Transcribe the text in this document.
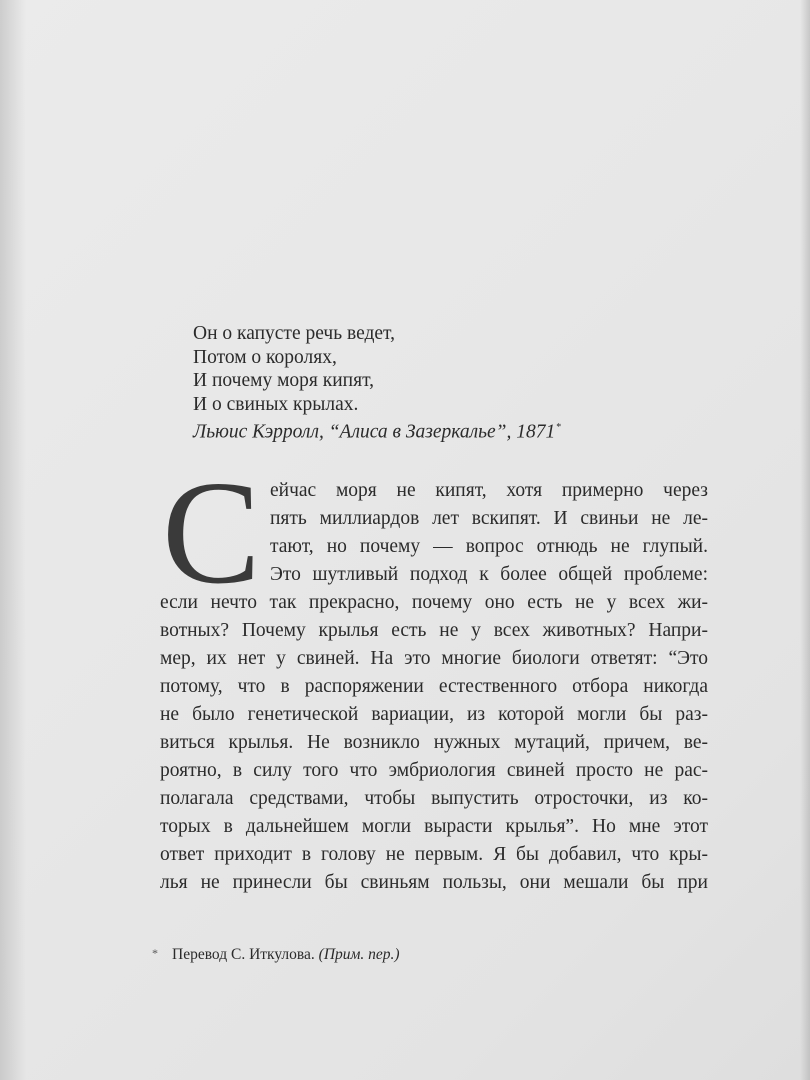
Он о капусте речь ведет,
Потом о королях,
И почему моря кипят,
И о свиных крылах.
Льюис Кэрролл, “Алиса в Зазеркалье”, 1871*
С ейчас моря не кипят, хотя примерно через
пять миллиардов лет вскипят. И свиньи не ле-
тают, но почему — вопрос отнюдь не глупый.
Это шутливый подход к более общей проблеме:
если нечто так прекрасно, почему оно есть не у всех жи-
вотных? Почему крылья есть не у всех животных? Напри-
мер, их нет у свиней. На это многие биологи ответят: “Это
потому, что в распоряжении естественного отбора никогда
не было генетической вариации, из которой могли бы раз-
виться крылья. Не возникло нужных мутаций, причем, ве-
роятно, в силу того что эмбриология свиней просто не рас-
полагала средствами, чтобы выпустить отросточки, из ко-
торых в дальнейшем могли вырасти крылья”. Но мне этот
ответ приходит в голову не первым. Я бы добавил, что кры-
лья не принесли бы свиньям пользы, они мешали бы при
* Перевод С. Иткулова. (Прим. пер.)
